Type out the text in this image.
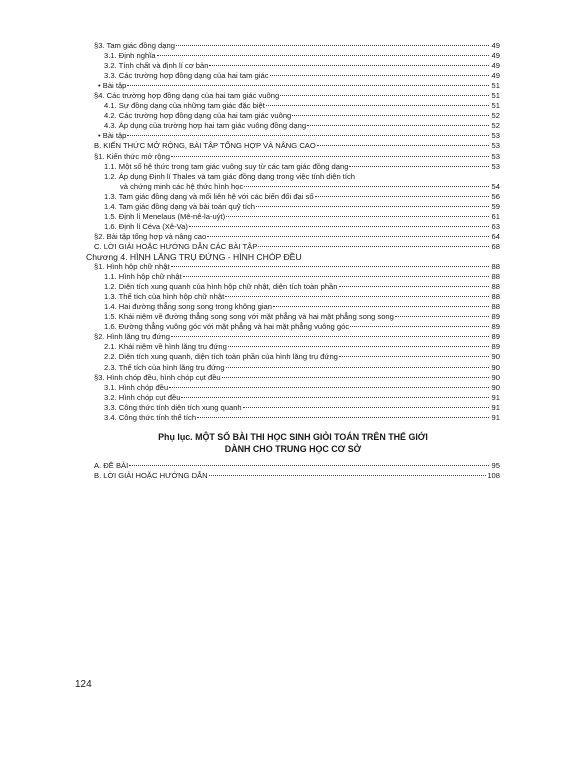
§3. Tam giác đồng dạng	49
3.1. Định nghĩa	49
3.2. Tính chất và định lí cơ bản	49
3.3. Các trường hợp đồng dạng của hai tam giác	49
• Bài tập	51
§4. Các trường hợp đồng dạng của hai tam giác vuông	51
4.1. Sự đồng dạng của những tam giác đặc biệt	51
4.2. Các trường hợp đồng dạng của hai tam giác vuông	52
4.3. Áp dụng của trường hợp hai tam giác vuông đồng dạng	52
• Bài tập	53
B. KIẾN THỨC MỞ RỘNG, BÀI TẬP TỔNG HỢP VÀ NÂNG CAO	53
§1. Kiến thức mở rộng	53
1.1. Một số hệ thức trong tam giác vuông suy từ các tam giác đồng dạng	53
1.2. Áp dụng Định lí Thales và tam giác đồng dạng trong việc tính diện tích
và chứng minh các hệ thức hình học	54
1.3. Tam giác đồng dạng và mối liên hệ với các biến đổi đại số	56
1.4. Tam giác đồng dạng và bài toán quỹ tích	59
1.5. Định lí Menelaus (Mê-nê-la-uýt)	61
1.6. Định lí Céva (Xê-Va)	63
§2. Bài tập tổng hợp và nâng cao	64
C. LỜI GIẢI HOẶC HƯỚNG DẪN CÁC BÀI TẬP	68
Chương 4. HÌNH LĂNG TRỤ ĐỨNG - HÌNH CHÓP ĐỀU
§1. Hình hộp chữ nhật	88
1.1. Hình hộp chữ nhật	88
1.2. Diện tích xung quanh của hình hộp chữ nhật, diện tích toàn phần	88
1.3. Thể tích của hình hộp chữ nhật	88
1.4. Hai đường thẳng song song trong không gian	88
1.5. Khái niệm về đường thẳng song song với mặt phẳng và hai mặt phẳng song song	89
1.6. Đường thẳng vuông góc với mặt phẳng và hai mặt phẳng vuông góc	89
§2. Hình lăng trụ đứng	89
2.1. Khái niệm về hình lăng trụ đứng	89
2.2. Diện tích xung quanh, diện tích toàn phần của hình lăng trụ đứng	90
2.3. Thể tích của hình lăng trụ đứng	90
§3. Hình chóp đều, hình chóp cụt đều	90
3.1. Hình chóp đều	90
3.2. Hình chóp cụt đều	91
3.3. Công thức tính diện tích xung quanh	91
3.4. Công thức tính thể tích	91
Phụ lục. MỘT SỐ BÀI THI HỌC SINH GIỎI TOÁN TRÊN THẾ GIỚI
DÀNH CHO TRUNG HỌC CƠ SỞ
A. ĐỀ BÀI	95
B. LỜI GIẢI HOẶC HƯỚNG DẪN	108
124
